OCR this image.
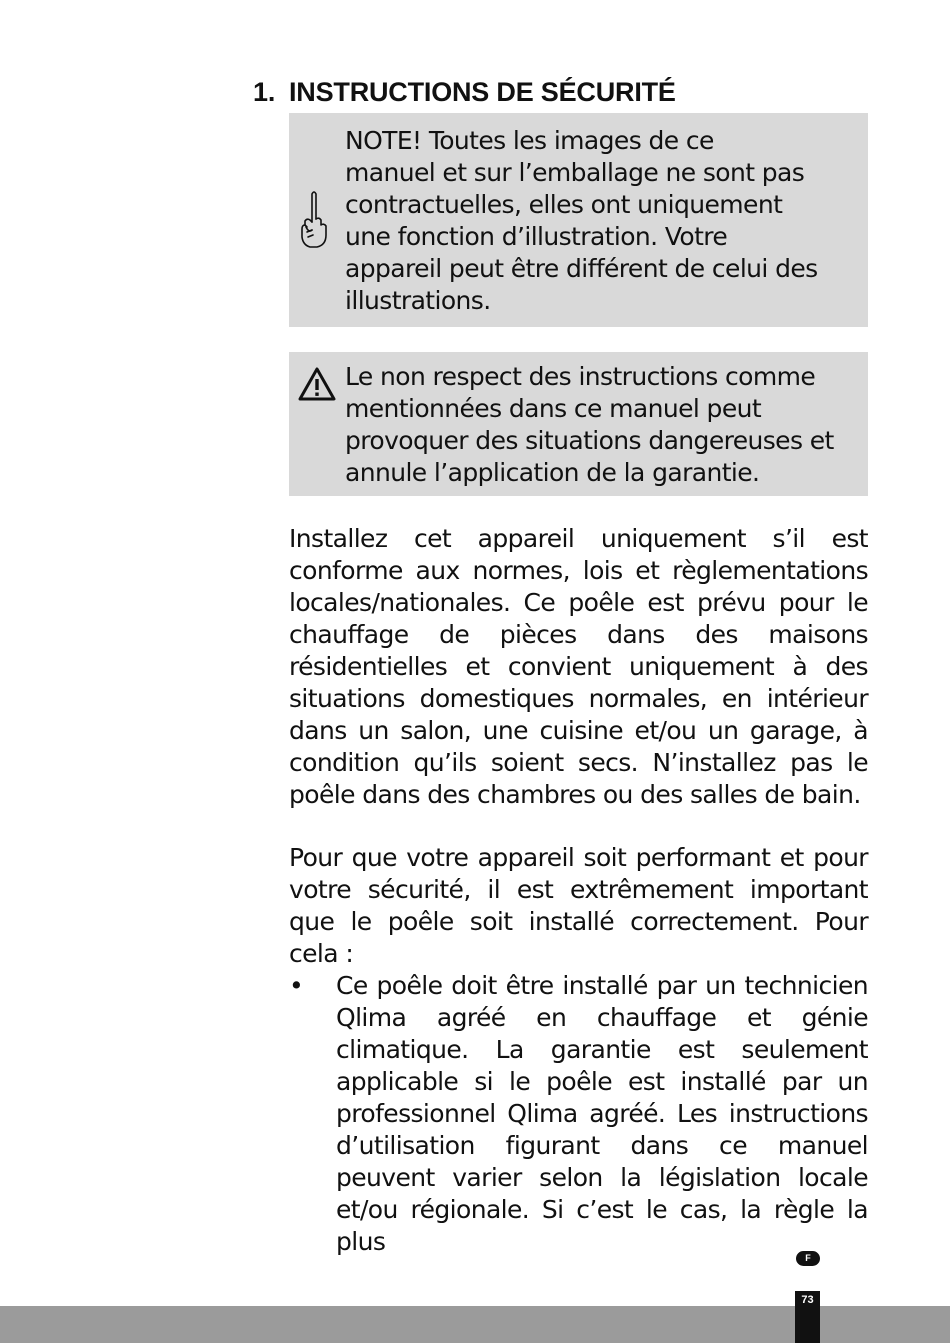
1. INSTRUCTIONS DE SÉCURITÉ
NOTE! Toutes les images de ce
manuel et sur l’emballage ne sont pas
contractuelles, elles ont uniquement
une fonction d’illustration. Votre
appareil peut être différent de celui des
illustrations.
Le non respect des instructions comme
mentionnées dans ce manuel peut
provoquer des situations dangereuses et
annule l’application de la garantie.

Installez cet appareil uniquement s’il est conforme aux normes, lois et règlementations locales/nationales. Ce poêle est prévu pour le chauffage de pièces dans des maisons résidentielles et convient uniquement à des situations domestiques normales, en intérieur dans un salon, une cuisine et/ou un garage, à condition qu’ils soient secs. N’installez pas le poêle dans des chambres ou des salles de bain.

Pour que votre appareil soit performant et pour votre sécurité, il est extrêmement important que le poêle soit installé correctement. Pour cela :

• Ce poêle doit être installé par un technicien Qlima agréé en chauffage et génie climatique. La garantie est seulement applicable si le poêle est installé par un professionnel Qlima agréé. Les instructions d’utilisation figurant dans ce manuel peuvent varier selon la législation locale et/ou régionale. Si c’est le cas, la règle la plus

F
73
